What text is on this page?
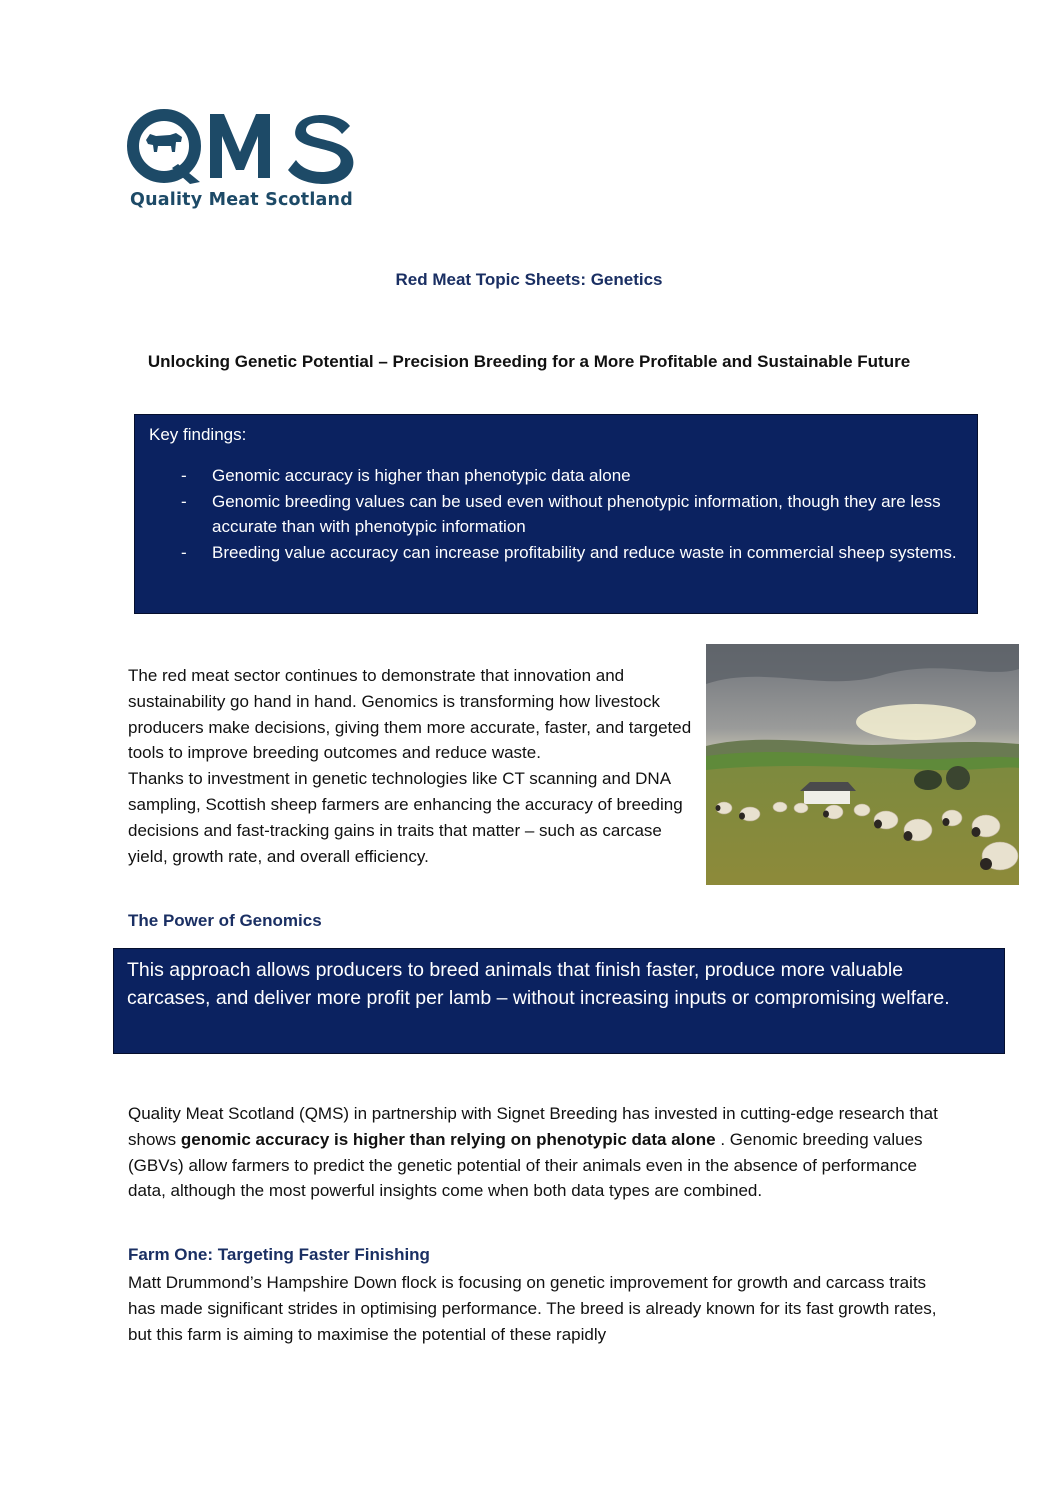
Quality Meat Scotland
Red Meat Topic Sheets: Genetics
Unlocking Genetic Potential – Precision Breeding for a More Profitable and Sustainable Future
Key findings:
- Genomic accuracy is higher than phenotypic data alone
- Genomic breeding values can be used even without phenotypic information, though they are less accurate than with phenotypic information
- Breeding value accuracy can increase profitability and reduce waste in commercial sheep systems.
The red meat sector continues to demonstrate that innovation and sustainability go hand in hand. Genomics is transforming how livestock producers make decisions, giving them more accurate, faster, and targeted tools to improve breeding outcomes and reduce waste.
Thanks to investment in genetic technologies like CT scanning and DNA sampling, Scottish sheep farmers are enhancing the accuracy of breeding decisions and fast-tracking gains in traits that matter – such as carcase yield, growth rate, and overall efficiency.
The Power of Genomics
This approach allows producers to breed animals that finish faster, produce more valuable carcases, and deliver more profit per lamb – without increasing inputs or compromising welfare.
Quality Meat Scotland (QMS) in partnership with Signet Breeding has invested in cutting-edge research that shows genomic accuracy is higher than relying on phenotypic data alone . Genomic breeding values (GBVs) allow farmers to predict the genetic potential of their animals even in the absence of performance data, although the most powerful insights come when both data types are combined.
Farm One: Targeting Faster Finishing
Matt Drummond’s Hampshire Down flock is focusing on genetic improvement for growth and carcass traits has made significant strides in optimising performance. The breed is already known for its fast growth rates, but this farm is aiming to maximise the potential of these rapidly
